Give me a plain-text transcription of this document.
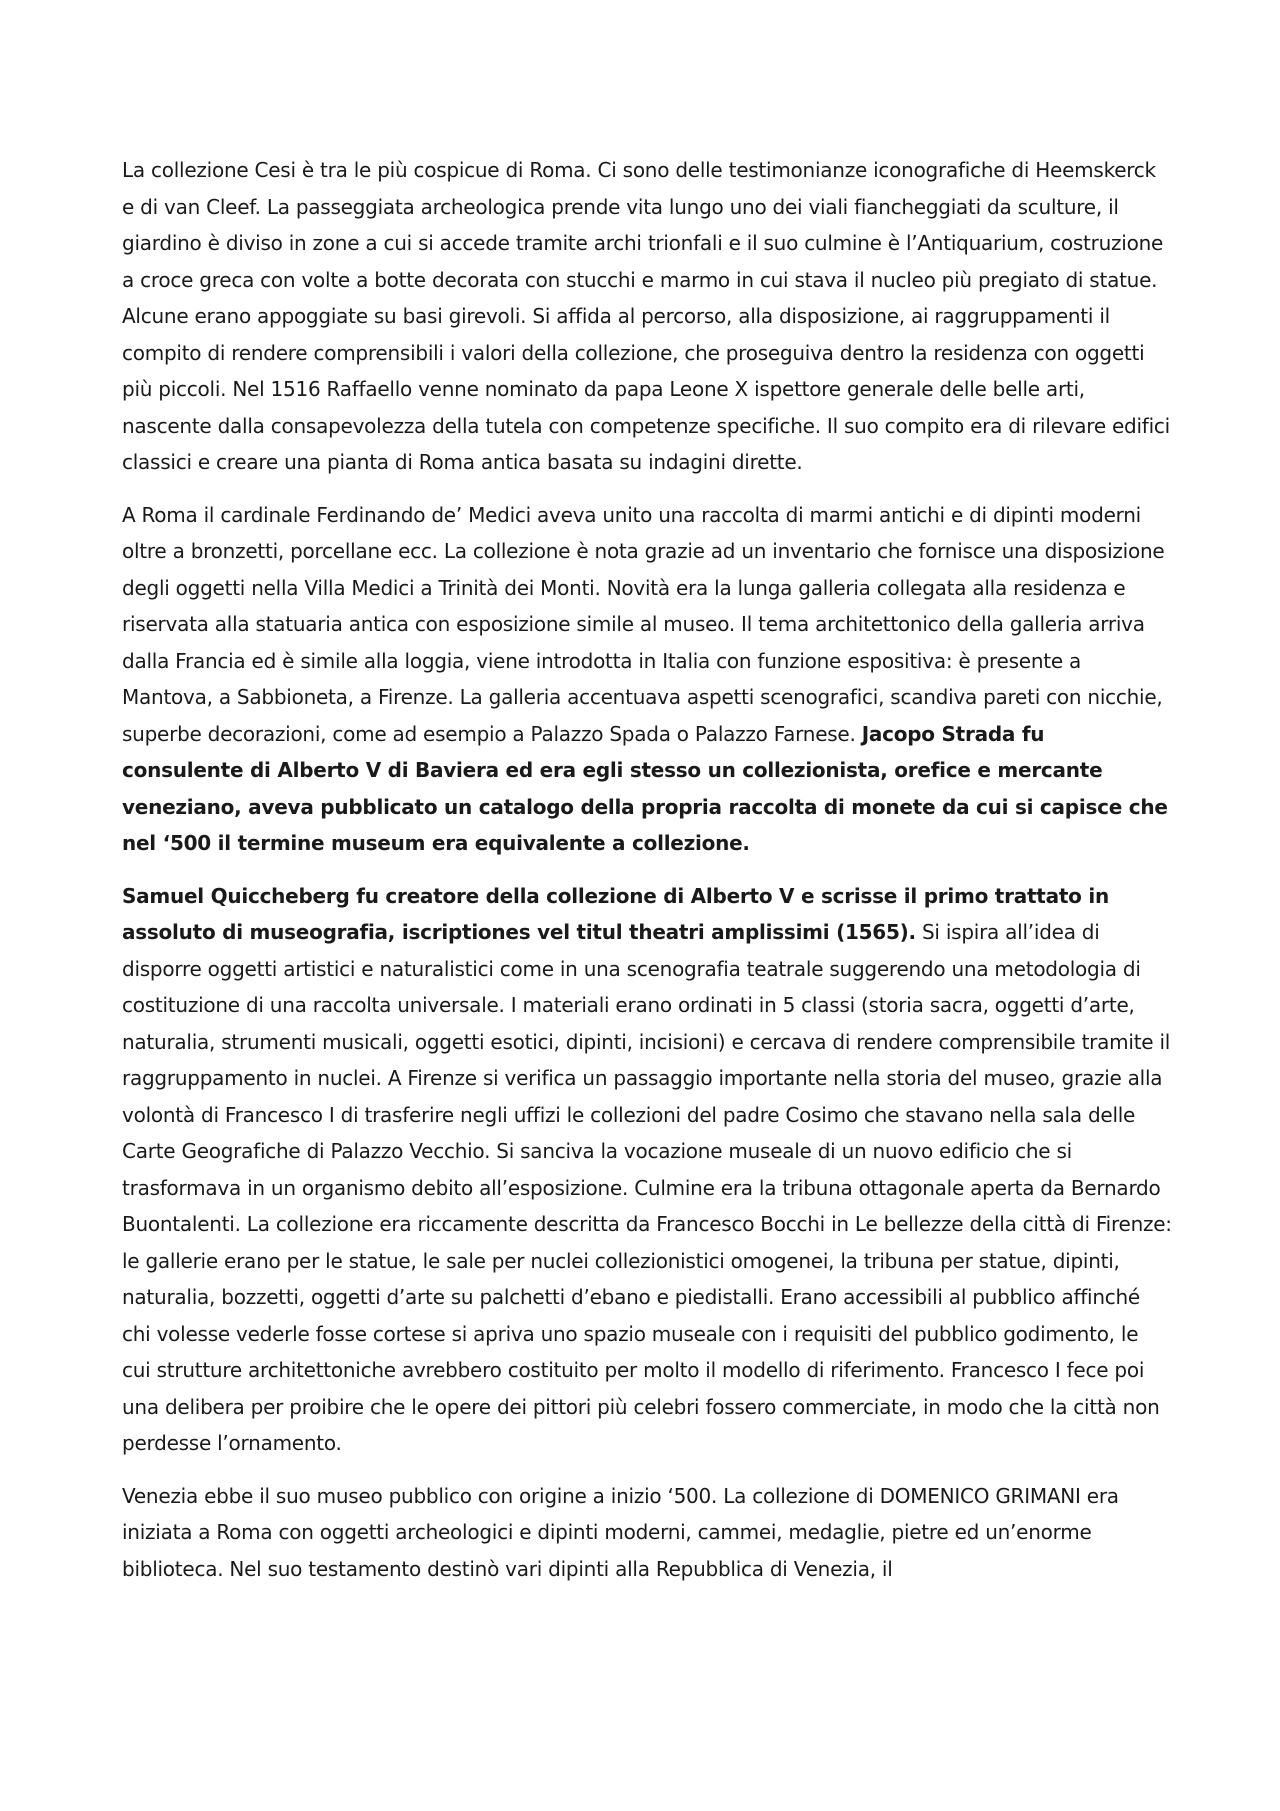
La collezione Cesi è tra le più cospicue di Roma. Ci sono delle testimonianze iconografiche di Heemskerck e di van Cleef. La passeggiata archeologica prende vita lungo uno dei viali fiancheggiati da sculture, il giardino è diviso in zone a cui si accede tramite archi trionfali e il suo culmine è l’Antiquarium, costruzione a croce greca con volte a botte decorata con stucchi e marmo in cui stava il nucleo più pregiato di statue. Alcune erano appoggiate su basi girevoli. Si affida al percorso, alla disposizione, ai raggruppamenti il compito di rendere comprensibili i valori della collezione, che proseguiva dentro la residenza con oggetti più piccoli. Nel 1516 Raffaello venne nominato da papa Leone X ispettore generale delle belle arti, nascente dalla consapevolezza della tutela con competenze specifiche. Il suo compito era di rilevare edifici classici e creare una pianta di Roma antica basata su indagini dirette.

A Roma il cardinale Ferdinando de’ Medici aveva unito una raccolta di marmi antichi e di dipinti moderni oltre a bronzetti, porcellane ecc. La collezione è nota grazie ad un inventario che fornisce una disposizione degli oggetti nella Villa Medici a Trinità dei Monti. Novità era la lunga galleria collegata alla residenza e riservata alla statuaria antica con esposizione simile al museo. Il tema architettonico della galleria arriva dalla Francia ed è simile alla loggia, viene introdotta in Italia con funzione espositiva: è presente a Mantova, a Sabbioneta, a Firenze. La galleria accentuava aspetti scenografici, scandiva pareti con nicchie, superbe decorazioni, come ad esempio a Palazzo Spada o Palazzo Farnese. Jacopo Strada fu consulente di Alberto V di Baviera ed era egli stesso un collezionista, orefice e mercante veneziano, aveva pubblicato un catalogo della propria raccolta di monete da cui si capisce che nel ‘500 il termine museum era equivalente a collezione.

Samuel Quiccheberg fu creatore della collezione di Alberto V e scrisse il primo trattato in assoluto di museografia, iscriptiones vel titul theatri amplissimi (1565). Si ispira all’idea di disporre oggetti artistici e naturalistici come in una scenografia teatrale suggerendo una metodologia di costituzione di una raccolta universale. I materiali erano ordinati in 5 classi (storia sacra, oggetti d’arte, naturalia, strumenti musicali, oggetti esotici, dipinti, incisioni) e cercava di rendere comprensibile tramite il raggruppamento in nuclei. A Firenze si verifica un passaggio importante nella storia del museo, grazie alla volontà di Francesco I di trasferire negli uffizi le collezioni del padre Cosimo che stavano nella sala delle Carte Geografiche di Palazzo Vecchio. Si sanciva la vocazione museale di un nuovo edificio che si trasformava in un organismo debito all’esposizione. Culmine era la tribuna ottagonale aperta da Bernardo Buontalenti. La collezione era riccamente descritta da Francesco Bocchi in Le bellezze della città di Firenze: le gallerie erano per le statue, le sale per nuclei collezionistici omogenei, la tribuna per statue, dipinti, naturalia, bozzetti, oggetti d’arte su palchetti d’ebano e piedistalli. Erano accessibili al pubblico affinché chi volesse vederle fosse cortese si apriva uno spazio museale con i requisiti del pubblico godimento, le cui strutture architettoniche avrebbero costituito per molto il modello di riferimento. Francesco I fece poi una delibera per proibire che le opere dei pittori più celebri fossero commerciate, in modo che la città non perdesse l’ornamento.

Venezia ebbe il suo museo pubblico con origine a inizio ‘500. La collezione di DOMENICO GRIMANI era iniziata a Roma con oggetti archeologici e dipinti moderni, cammei, medaglie, pietre ed un’enorme biblioteca. Nel suo testamento destinò vari dipinti alla Repubblica di Venezia, il
